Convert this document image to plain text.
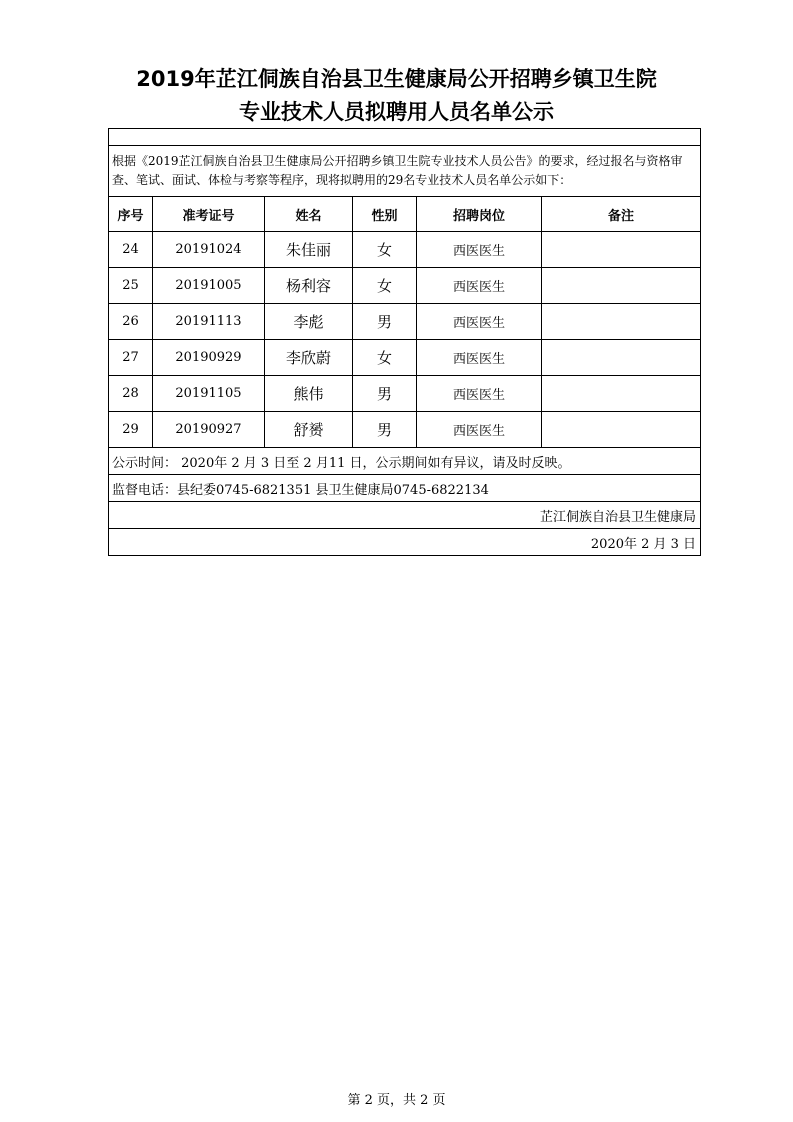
2019年芷江侗族自治县卫生健康局公开招聘乡镇卫生院
专业技术人员拟聘用人员名单公示

根据《2019芷江侗族自治县卫生健康局公开招聘乡镇卫生院专业技术人员公告》的要求，经过报名与资格审查、笔试、面试、体检与考察等程序，现将拟聘用的29名专业技术人员名单公示如下：					
序号	准考证号	姓名	性别	招聘岗位	备注
24	20191024	朱佳丽	女	西医医生	
25	20191005	杨利容	女	西医医生	
26	20191113	李彪	男	西医医生	
27	20190929	李欣蔚	女	西医医生	
28	20191105	熊伟	男	西医医生	
29	20190927	舒赟	男	西医医生	
公示时间： 2020年 2 月 3 日至 2 月11 日，公示期间如有异议，请及时反映。					
监督电话：县纪委0745-6821351 县卫生健康局0745-6822134					
芷江侗族自治县卫生健康局					
2020年 2 月 3 日					
第 2 页，共 2 页
